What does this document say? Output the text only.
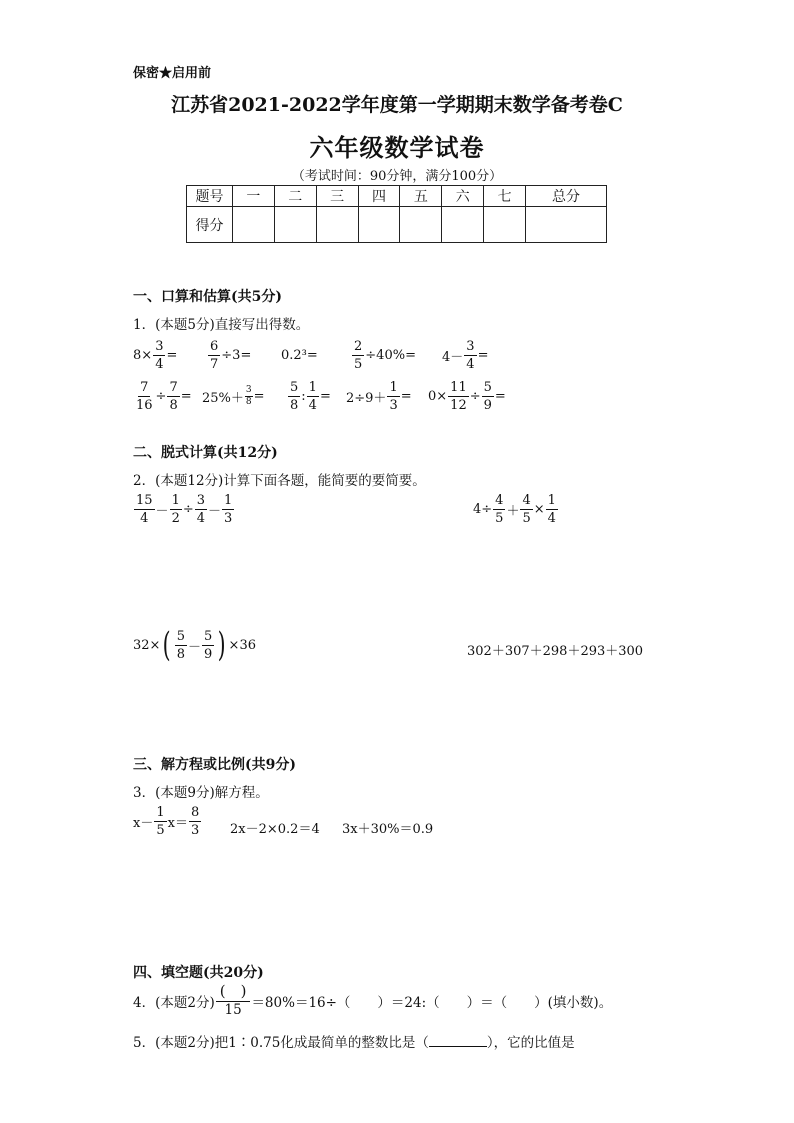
保密★启用前
江苏省2021-2022学年度第一学期期末数学备考卷C
六年级数学试卷
（考试时间：90分钟，满分100分）
题号	一	二	三	四	五	六	七	总分
得分								
一、口算和估算(共5分)
1．(本题5分)直接写出得数。
$8 \times \frac{3}{4} = \frac{6}{7} \div 3= 0.2^3=$	$\frac{2}{5} \div 40\%= 4- \frac{3}{4}$ =
$\frac{7}{16} \div \frac{7}{8} = 25\%+ \frac{3}{8} = \frac{5}{8}$ : $\frac{1}{4} = 2\div 9+ \frac{1}{3} = 0\times \frac{11}{12} \div \frac{5}{9}$ =
二、脱式计算(共12分)
2．(本题12分)计算下面各题，能简要的要简要。
$\frac{15}{4} - \frac{1}{2} \div \frac{3}{4} - \frac{1}{3}$	$4\div \frac{4}{5} + \frac{4}{5} \times \frac{1}{4}$
32× ( $\frac{5}{8} - \frac{5}{9}$ ) ×36	302＋307＋298＋293＋300
三、解方程或比例(共9分)
3．(本题9分)解方程。
$x- \frac{1}{5} x= \frac{8}{3} 2x-2\times 0.2=4$ 3x＋30%＝0.9
四、填空题(共20分)
4．(本题2分) $\frac{( )}{15} =80\%=16\div$（　　）＝24:（　　）＝（　　）(填小数)。
5．(本题2分)把1∶0.75化成最简单的整数比是（	），它的比值是
